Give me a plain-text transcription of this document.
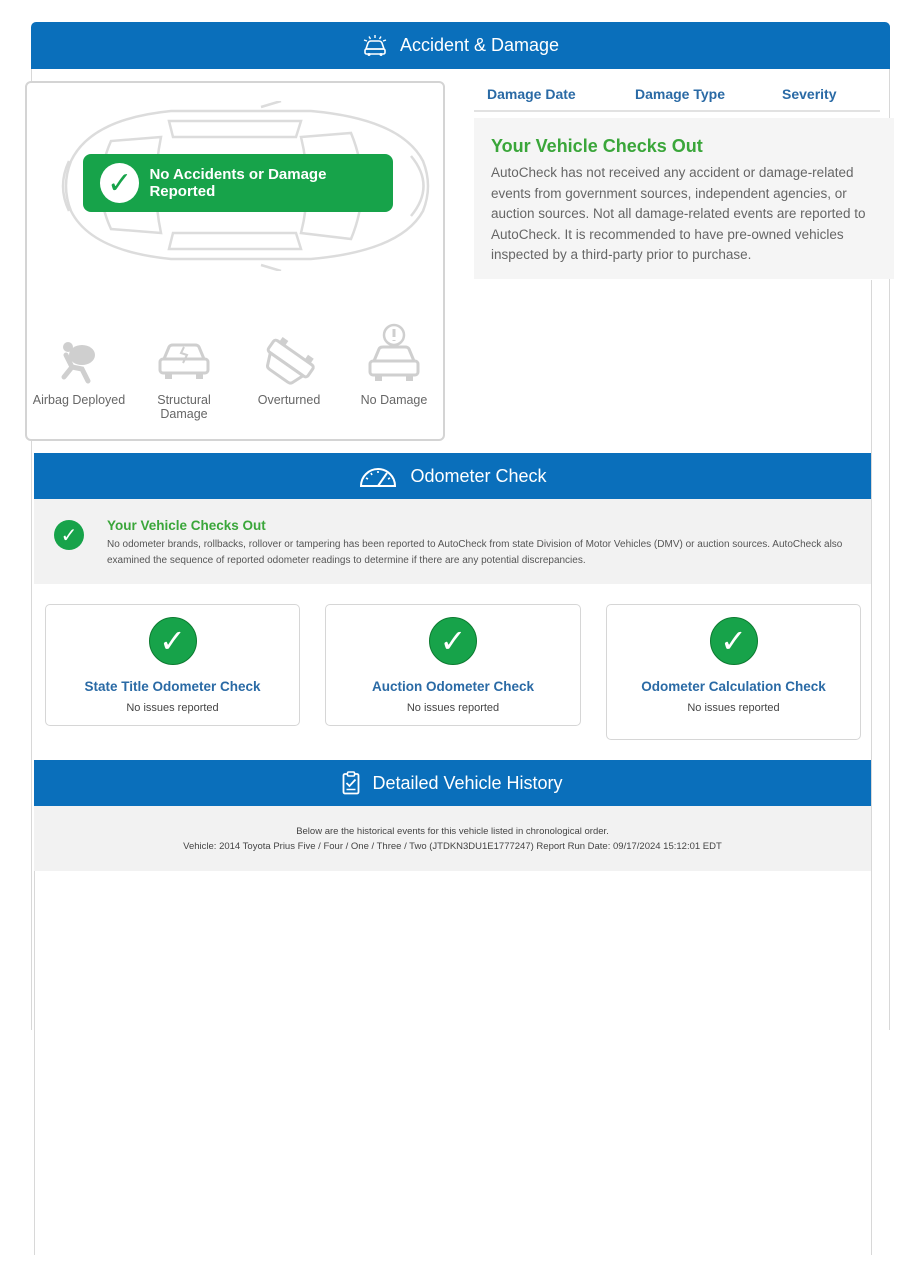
Accident & Damage
Airbag Deployed	Structural Damage
Overturned	No Damage
✓	No Accidents or Damage Reported
Damage Date	Damage Type	Severity
Your Vehicle Checks Out

AutoCheck has not received any accident or damage-related events from government sources, independent agencies, or auction sources. Not all damage-related events are reported to AutoCheck. It is recommended to have pre-owned vehicles inspected by a third-party prior to purchase.

Odometer Check
✓	Your Vehicle Checks Out
No odometer brands, rollbacks, rollover or tampering has been reported to AutoCheck from state Division of Motor Vehicles (DMV) or auction sources. AutoCheck also examined the sequence of reported odometer readings to determine if there are any potential discrepancies.
✓
State Title Odometer Check
No issues reported
✓
Auction Odometer Check
No issues reported
✓
Odometer Calculation Check
No issues reported
Detailed Vehicle History
Below are the historical events for this vehicle listed in chronological order.
Vehicle: 2014 Toyota Prius Five / Four / One / Three / Two (JTDKN3DU1E1777247) Report Run Date: 09/17/2024 15:12:01 EDT
